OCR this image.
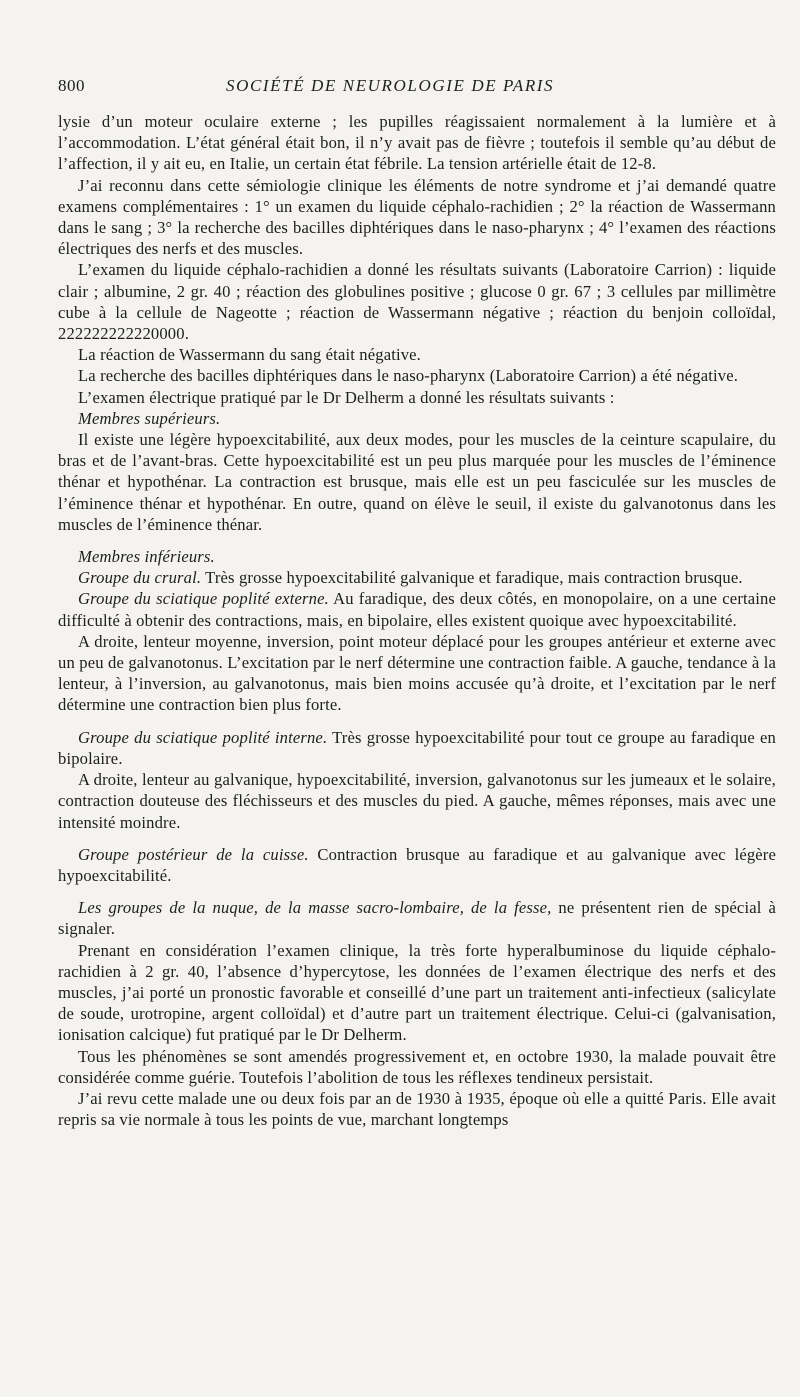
800	SOCIÉTÉ DE NEUROLOGIE DE PARIS

lysie d’un moteur oculaire externe ; les pupilles réagissaient normalement à la lumière et à l’accommodation. L’état général était bon, il n’y avait pas de fièvre ; toutefois il semble qu’au début de l’affection, il y ait eu, en Italie, un certain état fébrile. La tension artérielle était de 12-8.

J’ai reconnu dans cette sémiologie clinique les éléments de notre syndrome et j’ai demandé quatre examens complémentaires : 1° un examen du liquide céphalo-rachidien ; 2° la réaction de Wassermann dans le sang ; 3° la recherche des bacilles diphtériques dans le naso-pharynx ; 4° l’examen des réactions électriques des nerfs et des muscles.

L’examen du liquide céphalo-rachidien a donné les résultats suivants (Laboratoire Carrion) : liquide clair ; albumine, 2 gr. 40 ; réaction des globulines positive ; glucose 0 gr. 67 ; 3 cellules par millimètre cube à la cellule de Nageotte ; réaction de Wassermann négative ; réaction du benjoin colloïdal, 222222222220000.

La réaction de Wassermann du sang était négative.

La recherche des bacilles diphtériques dans le naso-pharynx (Laboratoire Carrion) a été négative.

L’examen électrique pratiqué par le Dr Delherm a donné les résultats suivants :

Membres supérieurs.

Il existe une légère hypoexcitabilité, aux deux modes, pour les muscles de la ceinture scapulaire, du bras et de l’avant-bras. Cette hypoexcitabilité est un peu plus marquée pour les muscles de l’éminence thénar et hypothénar. La contraction est brusque, mais elle est un peu fasciculée sur les muscles de l’éminence thénar et hypothénar. En outre, quand on élève le seuil, il existe du galvanotonus dans les muscles de l’éminence thénar.

Membres inférieurs.

Groupe du crural. Très grosse hypoexcitabilité galvanique et faradique, mais contraction brusque.

Groupe du sciatique poplité externe. Au faradique, des deux côtés, en monopolaire, on a une certaine difficulté à obtenir des contractions, mais, en bipolaire, elles existent quoique avec hypoexcitabilité.

A droite, lenteur moyenne, inversion, point moteur déplacé pour les groupes antérieur et externe avec un peu de galvanotonus. L’excitation par le nerf détermine une contraction faible. A gauche, tendance à la lenteur, à l’inversion, au galvanotonus, mais bien moins accusée qu’à droite, et l’excitation par le nerf détermine une contraction bien plus forte.

Groupe du sciatique poplité interne. Très grosse hypoexcitabilité pour tout ce groupe au faradique en bipolaire.

A droite, lenteur au galvanique, hypoexcitabilité, inversion, galvanotonus sur les jumeaux et le solaire, contraction douteuse des fléchisseurs et des muscles du pied. A gauche, mêmes réponses, mais avec une intensité moindre.

Groupe postérieur de la cuisse. Contraction brusque au faradique et au galvanique avec légère hypoexcitabilité.

Les groupes de la nuque, de la masse sacro-lombaire, de la fesse, ne présentent rien de spécial à signaler.

Prenant en considération l’examen clinique, la très forte hyperalbuminose du liquide céphalo-rachidien à 2 gr. 40, l’absence d’hypercytose, les données de l’examen électrique des nerfs et des muscles, j’ai porté un pronostic favorable et conseillé d’une part un traitement anti-infectieux (salicylate de soude, urotropine, argent colloïdal) et d’autre part un traitement électrique. Celui-ci (galvanisation, ionisation calcique) fut pratiqué par le Dr Delherm.

Tous les phénomènes se sont amendés progressivement et, en octobre 1930, la malade pouvait être considérée comme guérie. Toutefois l’abolition de tous les réflexes tendineux persistait.

J’ai revu cette malade une ou deux fois par an de 1930 à 1935, époque où elle a quitté Paris. Elle avait repris sa vie normale à tous les points de vue, marchant longtemps
